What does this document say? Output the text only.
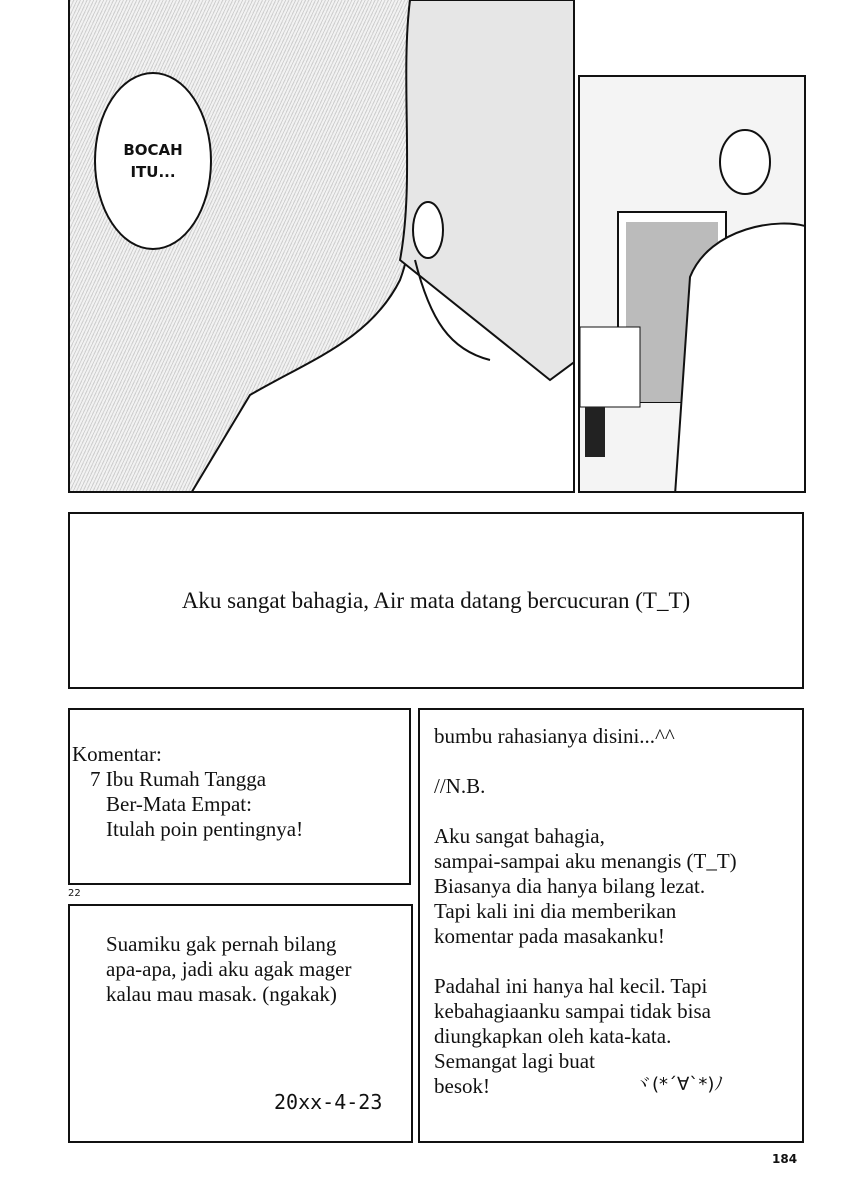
BOCAH
ITU...
Aku sangat bahagia, Air mata datang bercucuran (T_T)
Komentar:
7 Ibu Rumah Tangga
Ber-Mata Empat:
Itulah poin pentingnya!
22
Suamiku gak pernah bilang
apa-apa, jadi aku agak mager
kalau mau masak. (ngakak)
20xx-4-23
bumbu rahasianya disini...^^
//N.B.
Aku sangat bahagia,
sampai-sampai aku menangis (T_T)
Biasanya dia hanya bilang lezat.
Tapi kali ini dia memberikan
komentar pada masakanku!
Padahal ini hanya hal kecil. Tapi
kebahagiaanku sampai tidak bisa
diungkapkan oleh kata-kata.
Semangat lagi buat
besok!	ヾ(*´∀`*)ﾉ
184
